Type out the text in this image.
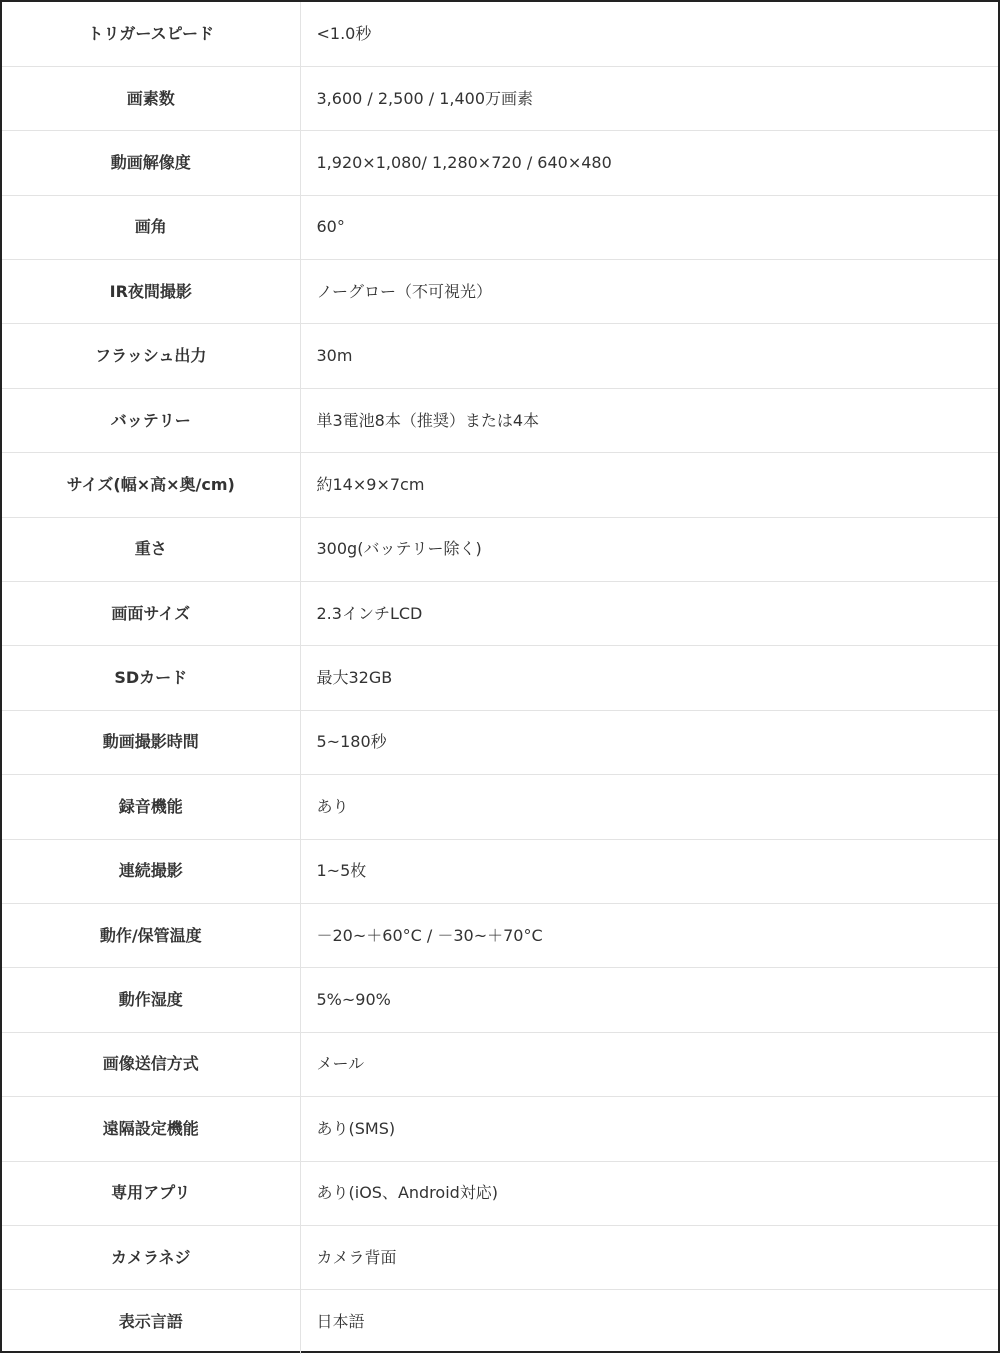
トリガースピード	<1.0秒
画素数	3,600 / 2,500 / 1,400万画素
動画解像度	1,920×1,080/ 1,280×720 / 640×480
画角	60°
IR夜間撮影	ノーグロー（不可視光）
フラッシュ出力	30m
バッテリー	単3電池8本（推奨）または4本
サイズ(幅×高×奥/cm)	約14×9×7cm
重さ	300g(バッテリー除く)
画面サイズ	2.3インチLCD
SDカード	最大32GB
動画撮影時間	5~180秒
録音機能	あり
連続撮影	1~5枚
動作/保管温度	－20~＋60°C / －30~＋70°C
動作湿度	5%~90%
画像送信方式	メール
遠隔設定機能	あり(SMS)
専用アプリ	あり(iOS、Android対応)
カメラネジ	カメラ背面
表示言語	日本語
